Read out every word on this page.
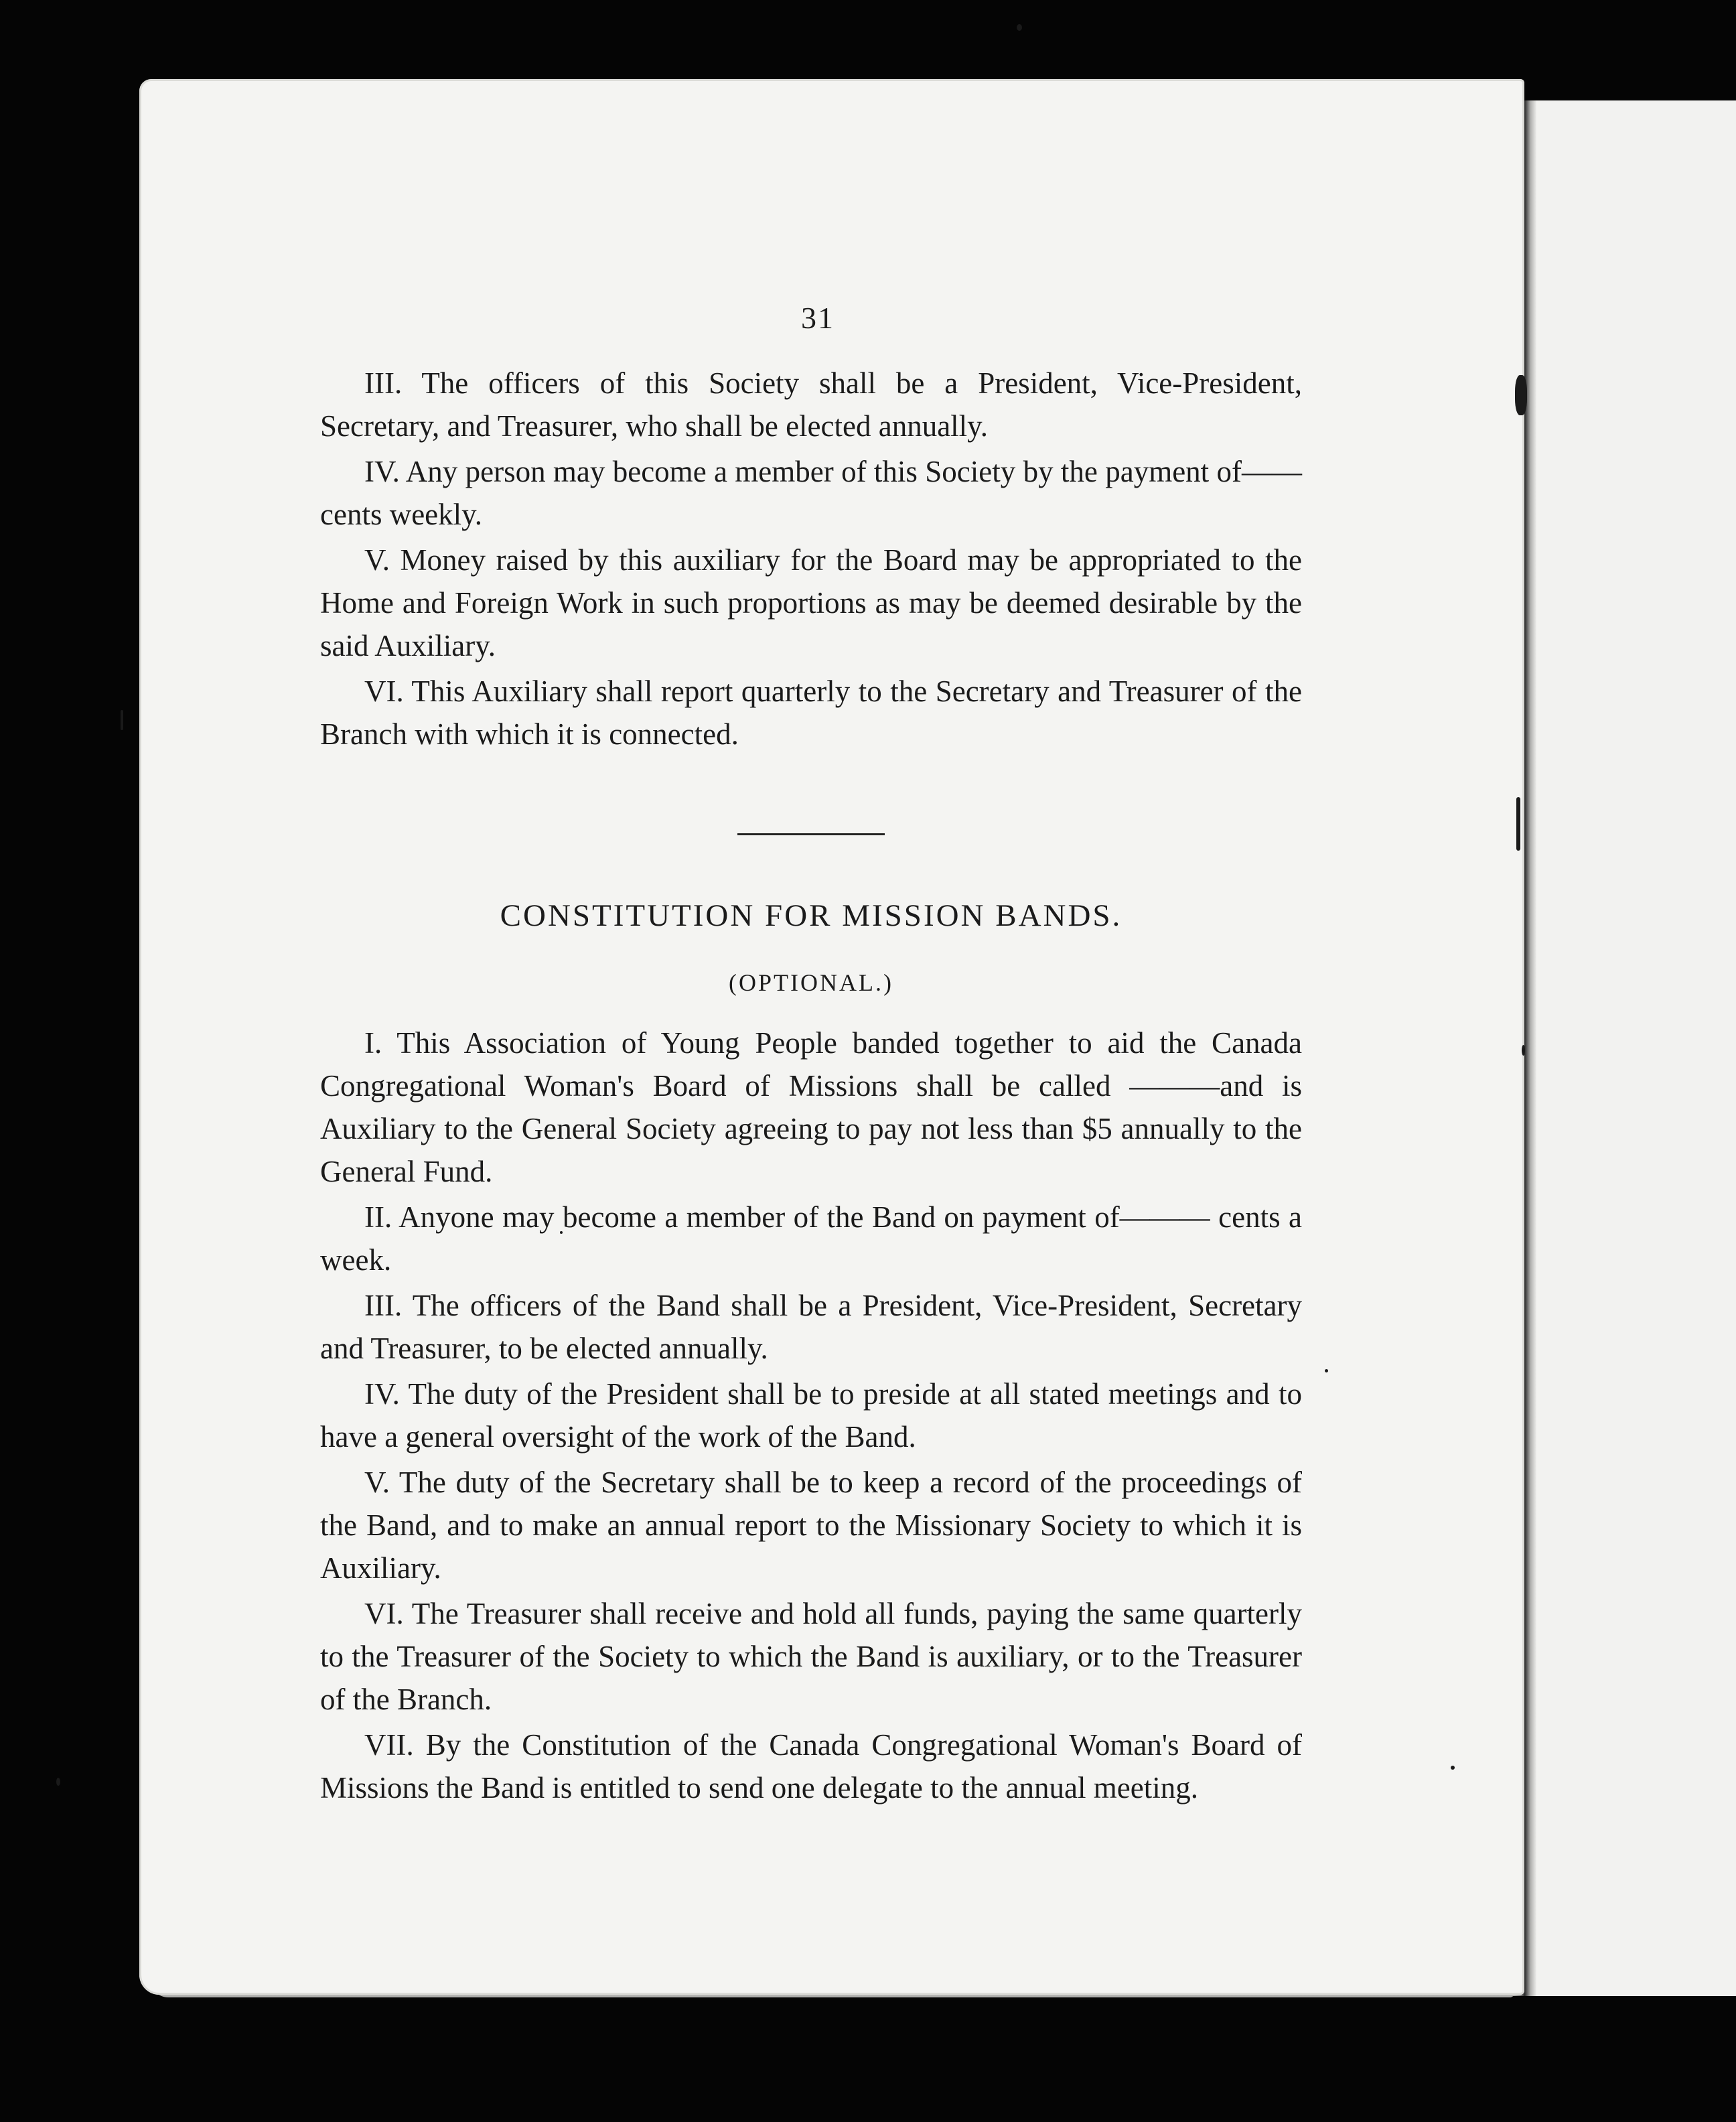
31

III. The officers of this Society shall be a President, Vice-President, Secretary, and Treasurer, who shall be elected annually.

IV. Any person may become a member of this Society by the payment of——cents weekly.

V. Money raised by this auxiliary for the Board may be appropriated to the Home and Foreign Work in such proportions as may be deemed desirable by the said Auxiliary.

VI. This Auxiliary shall report quarterly to the Secretary and Treasurer of the Branch with which it is connected.

CONSTITUTION FOR MISSION BANDS.
(OPTIONAL.)

I. This Association of Young People banded together to aid the Canada Congregational Woman's Board of Missions shall be called ———and is Auxiliary to the General Society agreeing to pay not less than $5 annually to the General Fund.

II. Anyone may become a member of the Band on payment of——— cents a week.

III. The officers of the Band shall be a President, Vice-President, Secretary and Treasurer, to be elected annually.

IV. The duty of the President shall be to preside at all stated meetings and to have a general oversight of the work of the Band.

V. The duty of the Secretary shall be to keep a record of the proceedings of the Band, and to make an annual report to the Missionary Society to which it is Auxiliary.

VI. The Treasurer shall receive and hold all funds, paying the same quarterly to the Treasurer of the Society to which the Band is auxiliary, or to the Treasurer of the Branch.

VII. By the Constitution of the Canada Congregational Woman's Board of Missions the Band is entitled to send one delegate to the annual meeting.
